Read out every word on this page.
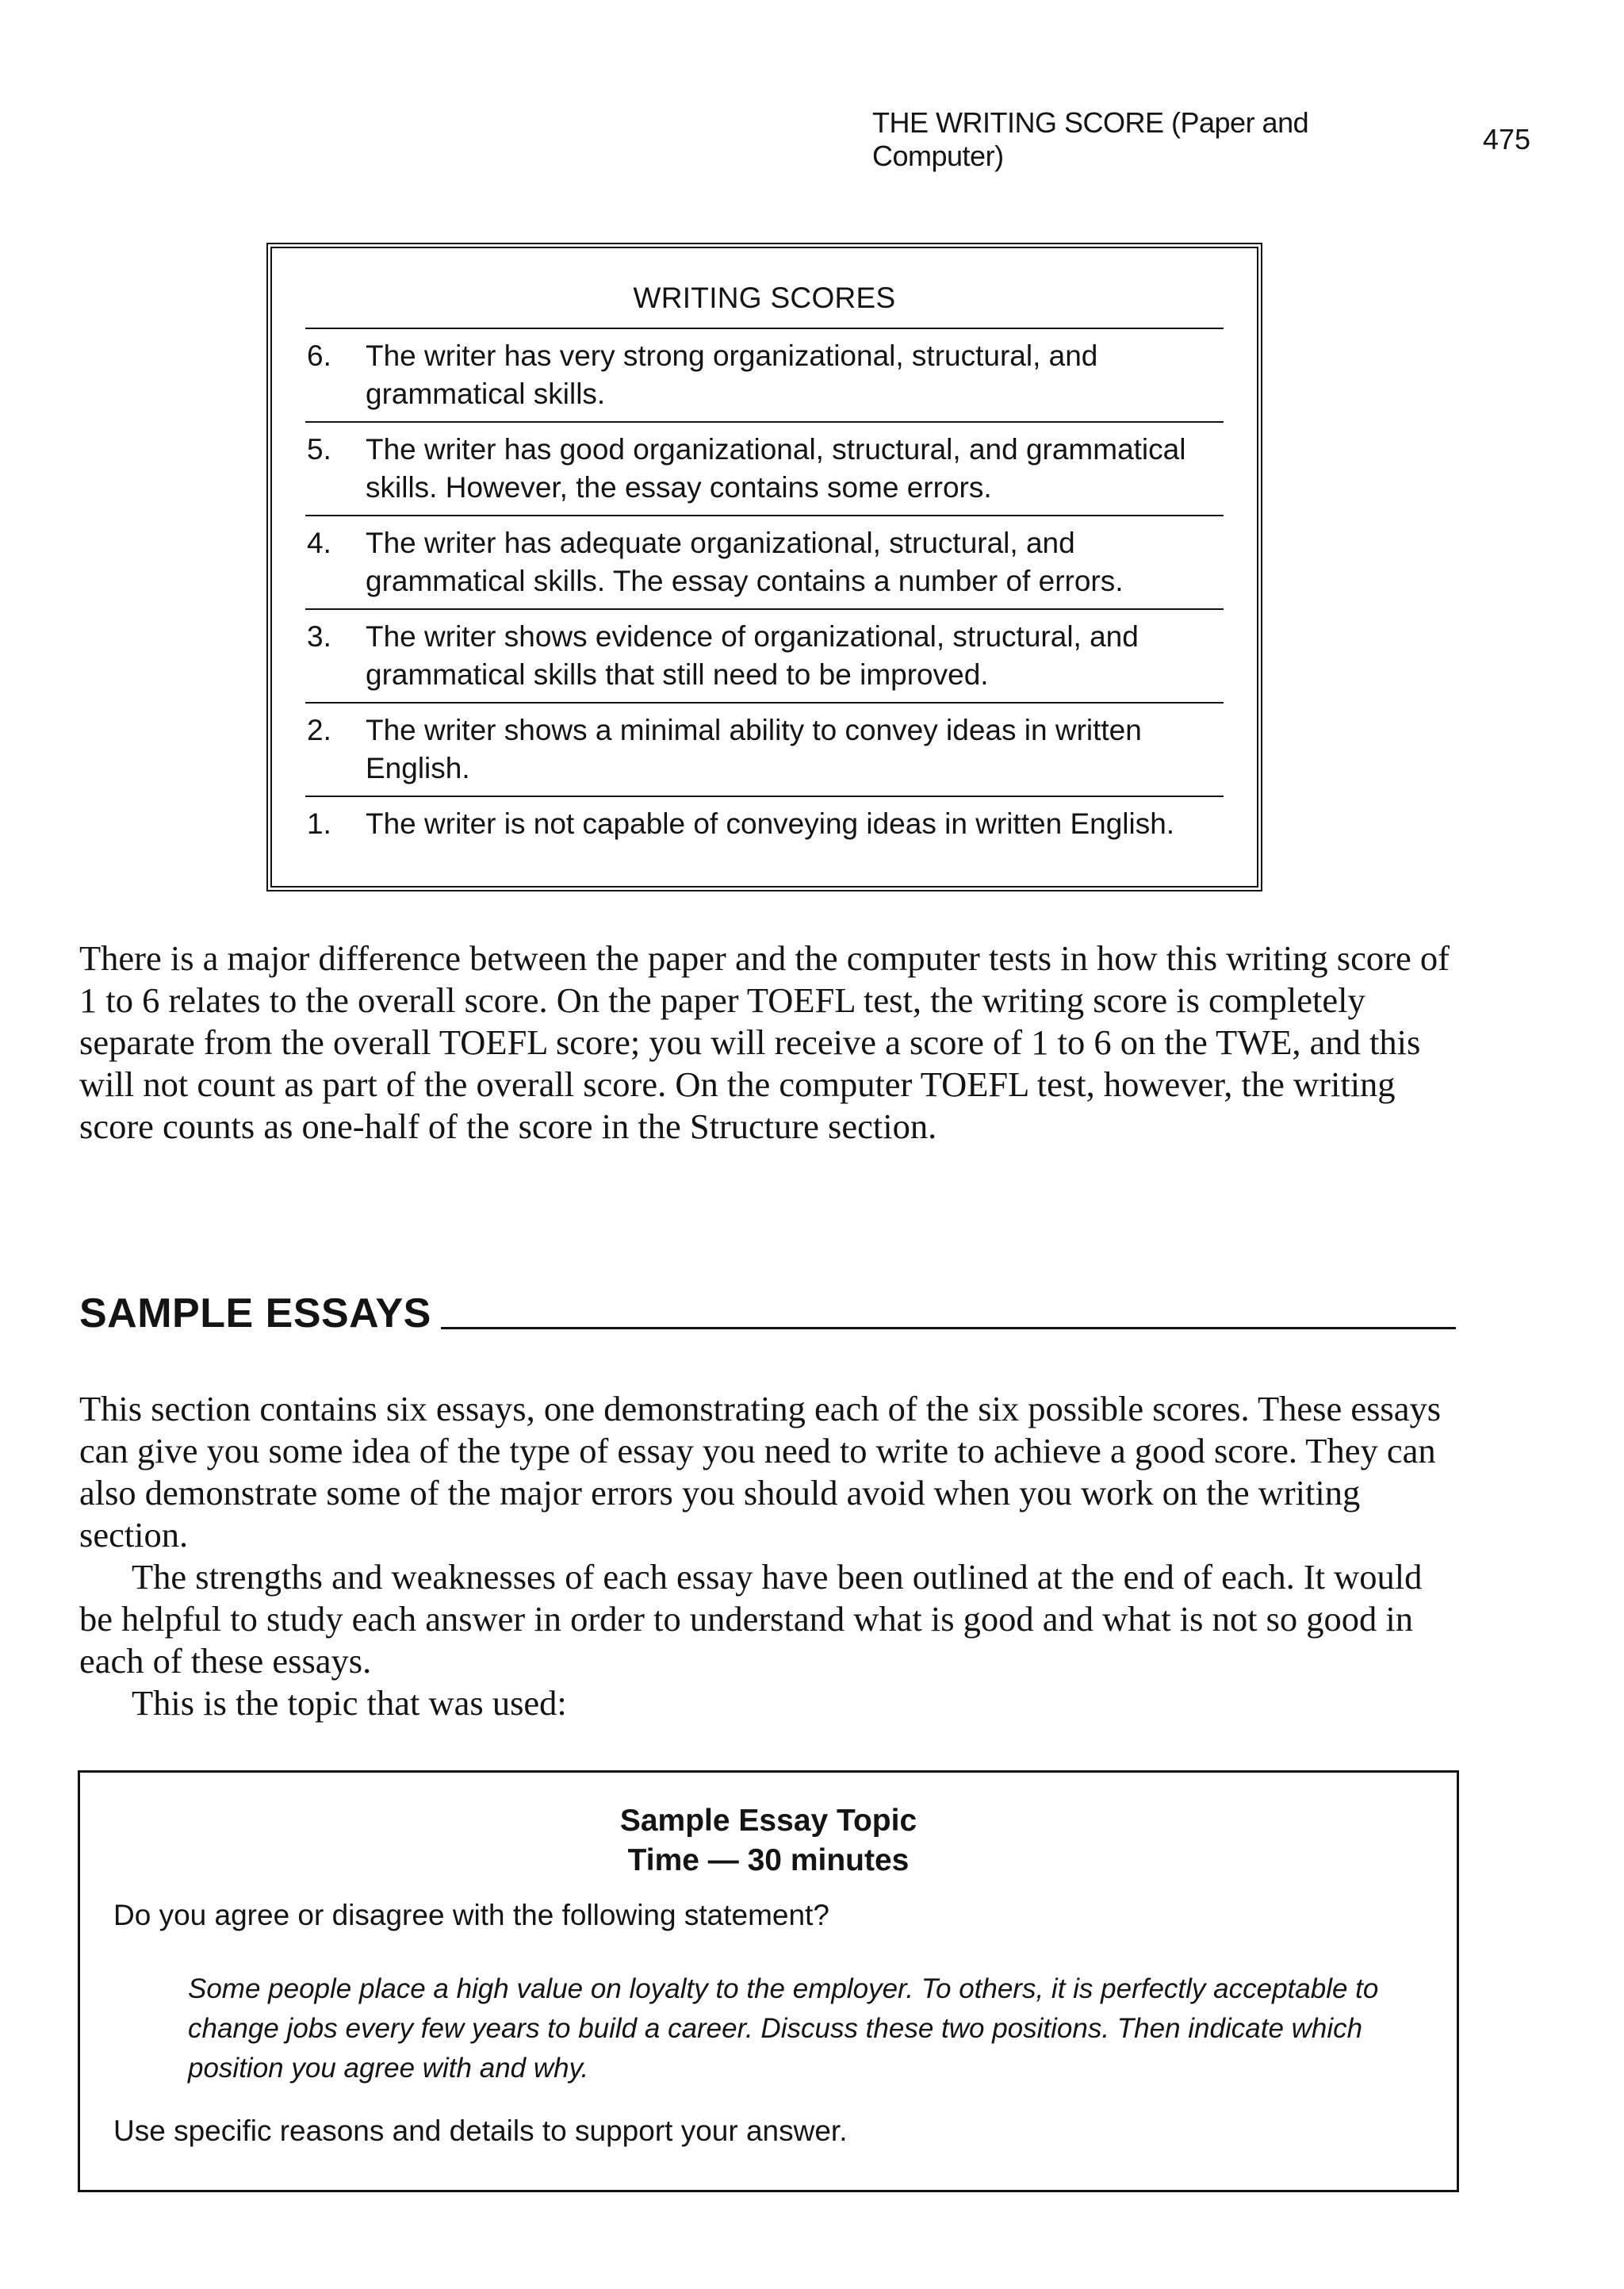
THE WRITING SCORE (Paper and Computer)
475
WRITING SCORES
6.	The writer has very strong organizational, structural, and grammatical skills.
5.	The writer has good organizational, structural, and grammatical skills. However, the essay contains some errors.
4.	The writer has adequate organizational, structural, and grammatical skills. The essay contains a number of errors.
3.	The writer shows evidence of organizational, structural, and grammatical skills that still need to be improved.
2.	The writer shows a minimal ability to convey ideas in written English.
1.	The writer is not capable of conveying ideas in written English.

There is a major difference between the paper and the computer tests in how this writing score of 1 to 6 relates to the overall score. On the paper TOEFL test, the writing score is completely separate from the overall TOEFL score; you will receive a score of 1 to 6 on the TWE, and this will not count as part of the overall score. On the computer TOEFL test, however, the writing score counts as one-half of the score in the Structure section.

SAMPLE ESSAYS

This section contains six essays, one demonstrating each of the six possible scores. These essays can give you some idea of the type of essay you need to write to achieve a good score. They can also demonstrate some of the major errors you should avoid when you work on the writing section.

The strengths and weaknesses of each essay have been outlined at the end of each. It would be helpful to study each answer in order to understand what is good and what is not so good in each of these essays.

This is the topic that was used:

Sample Essay Topic
Time — 30 minutes
Do you agree or disagree with the following statement?
Some people place a high value on loyalty to the employer. To others, it is perfectly acceptable to change jobs every few years to build a career. Discuss these two positions. Then indicate which position you agree with and why.
Use specific reasons and details to support your answer.
